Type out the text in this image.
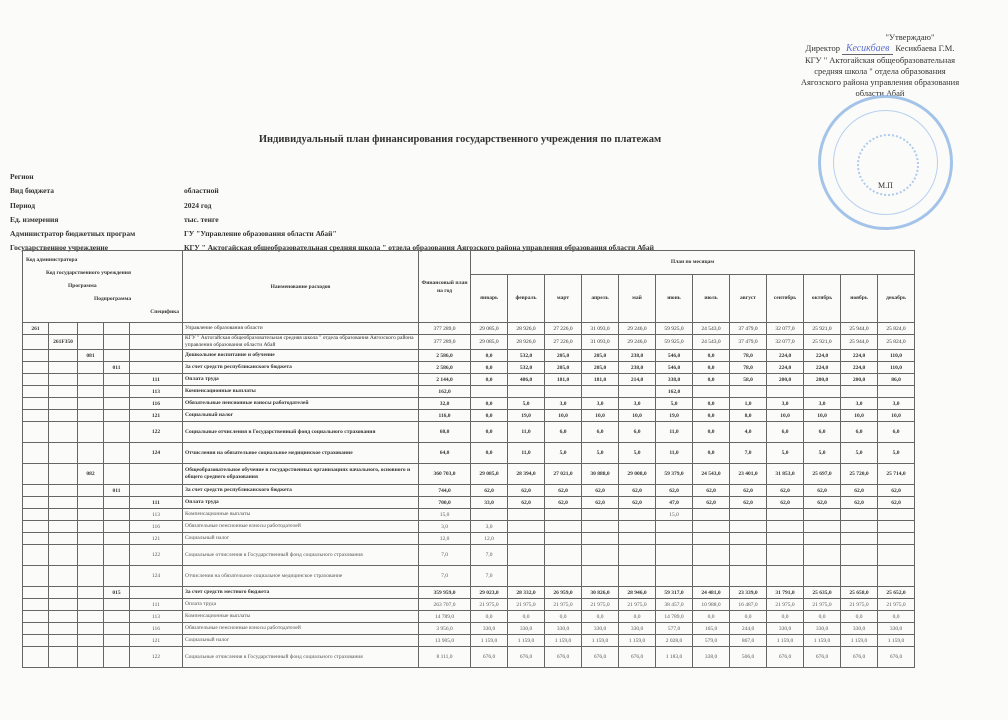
"Утверждаю"
Директор Кесикбаев Кесикбаева Г.М.
КГУ " Актогайская общеобразовательная
средняя школа " отдела образования
Аягозского района управления образования
области Абай
М.П
Индивидуальный план финансирования государственного учреждения по платежам
Регион
Вид бюджета	областной
Период	2024 год
Ед. измерения	тыс. тенге
Администратор бюджетных програм	ГУ "Управление образования области Абай"
Государственное учреждение	КГУ " Актогайская общеобразовательная средняя школа " отдела образования Аягозского района управления образования области Абай
Код администратора
Код государственного учреждения
Программа
Подпрограмма
Специфика					Наименование расходов	Финансовый план на год	План по месяцам											
							январь	февраль	март	апрель	май	июнь	июль	август	сентябрь	октябрь	ноябрь	декабрь
261					Управление образования области	377 289,0	29 085,0	28 926,0	27 226,0	31 093,0	29 246,0	59 925,0	24 543,0	37 479,0	32 077,0	25 921,0	25 944,0	25 824,0
	261F350				КГУ " Актогайская общеобразовательная средняя школа " отдела образования Аягозского района управления образования области Абай	377 289,0	29 085,0	28 926,0	27 226,0	31 093,0	29 246,0	59 925,0	24 543,0	37 479,0	32 077,0	25 921,0	25 944,0	25 824,0
		081			Дошкольное воспитание и обучение	2 586,0	0,0	532,0	205,0	205,0	238,0	546,0	0,0	78,0	224,0	224,0	224,0	110,0
			011		За счет средств республиканского бюджета	2 586,0	0,0	532,0	205,0	205,0	238,0	546,0	0,0	78,0	224,0	224,0	224,0	110,0
				111	Оплата труда	2 144,0	0,0	486,0	181,0	181,0	214,0	338,0	0,0	58,0	200,0	200,0	200,0	86,0
				113	Компенсационные выплаты	162,0						162,0						
				116	Обязательные пенсионные взносы работодателей	32,0	0,0	5,0	3,0	3,0	3,0	5,0	0,0	1,0	3,0	3,0	3,0	3,0
				121	Социальный налог	116,0	0,0	19,0	10,0	10,0	10,0	19,0	0,0	8,0	10,0	10,0	10,0	10,0
				122	Социальные отчисления в Государственный фонд социального страхования	68,0	0,0	11,0	6,0	6,0	6,0	11,0	0,0	4,0	6,0	6,0	6,0	6,0
				124	Отчисления на обязательное социальное медицинское страхование	64,0	0,0	11,0	5,0	5,0	5,0	11,0	0,0	7,0	5,0	5,0	5,0	5,0
		082			Общеобразовательное обучение в государственных организациях начального, основного и общего среднего образования	360 703,0	29 085,0	28 394,0	27 021,0	30 888,0	29 008,0	59 379,0	24 543,0	23 401,0	31 853,0	25 697,0	25 720,0	25 714,0
			011		За счет средств республиканского бюджета	744,0	62,0	62,0	62,0	62,0	62,0	62,0	62,0	62,0	62,0	62,0	62,0	62,0
				111	Оплата труда	700,0	33,0	62,0	62,0	62,0	62,0	47,0	62,0	62,0	62,0	62,0	62,0	62,0
				113	Компенсационные выплаты	15,0						15,0						
				116	Обязательные пенсионные взносы работодателей	3,0	3,0											
				121	Социальный налог	12,0	12,0											
				122	Социальные отчисления в Государственный фонд социального страхования	7,0	7,0											
				124	Отчисления на обязательное социальное медицинское страхование	7,0	7,0											
			015		За счет средств местного бюджета	359 959,0	29 023,0	28 332,0	26 959,0	30 826,0	28 946,0	59 317,0	24 481,0	23 339,0	31 791,0	25 635,0	25 658,0	25 652,0
				111	Оплата труда	263 707,0	21 975,0	21 975,0	21 975,0	21 975,0	21 975,0	38 457,0	10 988,0	16 487,0	21 975,0	21 975,0	21 975,0	21 975,0
				113	Компенсационные выплаты	14 789,0	0,0	0,0	0,0	0,0	0,0	14 789,0	0,0	0,0	0,0	0,0	0,0	0,0
				116	Обязательные пенсионные взносы работодателей	3 956,0	330,0	330,0	330,0	330,0	330,0	577,0	165,0	244,0	330,0	330,0	330,0	330,0
				121	Социальный налог	13 905,0	1 159,0	1 159,0	1 159,0	1 159,0	1 159,0	2 028,0	579,0	867,0	1 159,0	1 159,0	1 159,0	1 159,0
				122	Социальные отчисления в Государственный фонд социального страхования	8 111,0	676,0	676,0	676,0	676,0	676,0	1 183,0	338,0	506,0	676,0	676,0	676,0	676,0
